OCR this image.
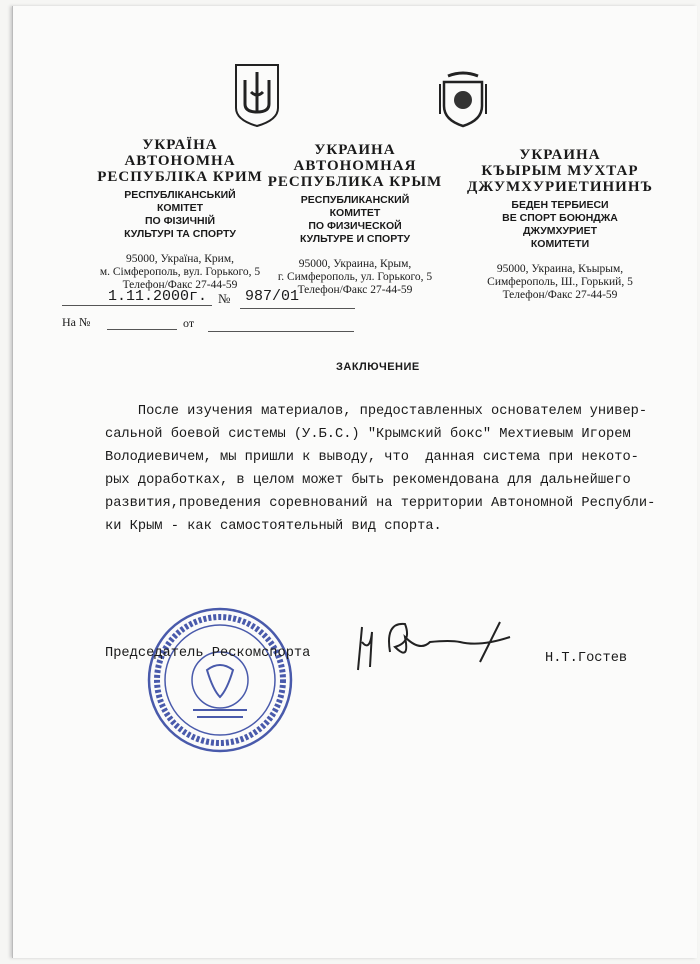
УКРАЇНА
АВТОНОМНА
РЕСПУБЛІКА КРИМ
РЕСПУБЛІКАНСЬКИЙ
КОМІТЕТ
ПО ФІЗИЧНІЙ
КУЛЬТУРІ ТА СПОРТУ
95000, Україна, Крим,
м. Сімферополь, вул. Горького, 5
Телефон/Факс 27-44-59
УКРАИНА
АВТОНОМНАЯ
РЕСПУБЛИКА КРЫМ
РЕСПУБЛИКАНСКИЙ
КОМИТЕТ
ПО ФИЗИЧЕСКОЙ
КУЛЬТУРЕ И СПОРТУ
95000, Украина, Крым,
г. Симферополь, ул. Горького, 5
Телефон/Факс 27-44-59
УКРАИНА
КЪЫРЫМ МУХТАР
ДЖУМХУРИЕТИНИНЪ
БЕДЕН ТЕРБИЕСИ
ВЕ СПОРТ БОЮНДЖА
ДЖУМХУРИЕТ
КОМИТЕТИ
95000, Украина, Къырым,
Симферополь, Ш., Горький, 5
Телефон/Факс 27-44-59
1.11.2000г. № 987/01
На №	от
ЗАКЛЮЧЕНИЕ

После изучения материалов, предоставленных основателем универ-

сальной боевой системы (У.Б.С.) "Крымский бокс" Мехтиевым Игорем

Володиевичем, мы пришли к выводу, что  данная система при некото-

рых доработках, в целом может быть рекомендована для дальнейшего

развития,проведения соревнований на территории Автономной Республи-

ки Крым - как самостоятельный вид спорта.

Председатель Рескомспорта	Н.Т.Гостев
